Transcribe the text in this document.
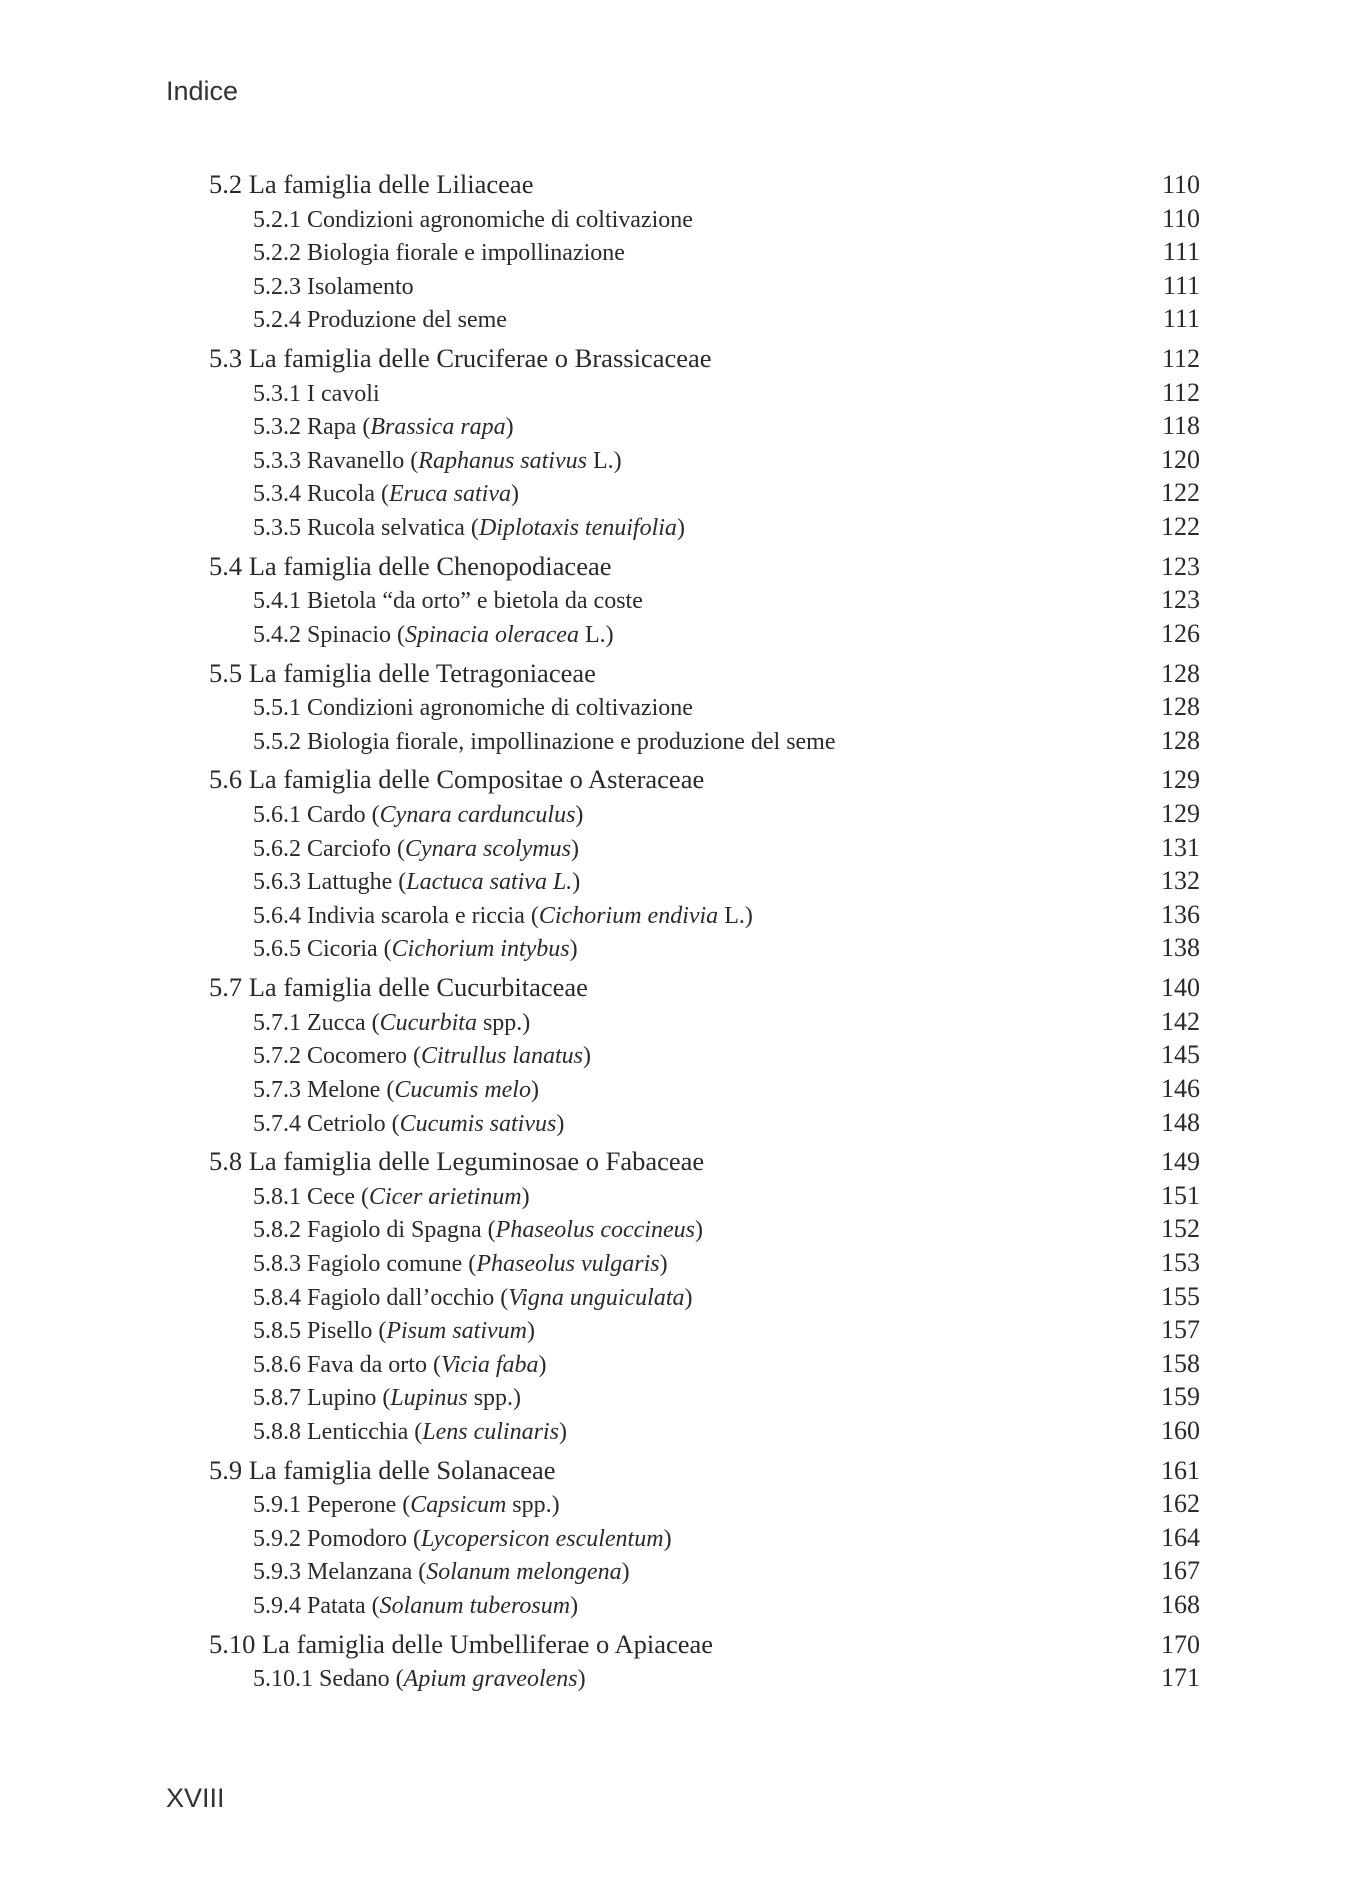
Indice
5.2 La famiglia delle Liliaceae	110
5.2.1 Condizioni agronomiche di coltivazione	110
5.2.2 Biologia fiorale e impollinazione	111
5.2.3 Isolamento	111
5.2.4 Produzione del seme	111
5.3 La famiglia delle Cruciferae o Brassicaceae	112
5.3.1 I cavoli	112
5.3.2 Rapa (Brassica rapa)	118
5.3.3 Ravanello (Raphanus sativus L.)	120
5.3.4 Rucola (Eruca sativa)	122
5.3.5 Rucola selvatica (Diplotaxis tenuifolia)	122
5.4 La famiglia delle Chenopodiaceae	123
5.4.1 Bietola “da orto” e bietola da coste	123
5.4.2 Spinacio (Spinacia oleracea L.)	126
5.5 La famiglia delle Tetragoniaceae	128
5.5.1 Condizioni agronomiche di coltivazione	128
5.5.2 Biologia fiorale, impollinazione e produzione del seme	128
5.6 La famiglia delle Compositae o Asteraceae	129
5.6.1 Cardo (Cynara cardunculus)	129
5.6.2 Carciofo (Cynara scolymus)	131
5.6.3 Lattughe (Lactuca sativa L.)	132
5.6.4 Indivia scarola e riccia (Cichorium endivia L.)	136
5.6.5 Cicoria (Cichorium intybus)	138
5.7 La famiglia delle Cucurbitaceae	140
5.7.1 Zucca (Cucurbita spp.)	142
5.7.2 Cocomero (Citrullus lanatus)	145
5.7.3 Melone (Cucumis melo)	146
5.7.4 Cetriolo (Cucumis sativus)	148
5.8 La famiglia delle Leguminosae o Fabaceae	149
5.8.1 Cece (Cicer arietinum)	151
5.8.2 Fagiolo di Spagna (Phaseolus coccineus)	152
5.8.3 Fagiolo comune (Phaseolus vulgaris)	153
5.8.4 Fagiolo dall’occhio (Vigna unguiculata)	155
5.8.5 Pisello (Pisum sativum)	157
5.8.6 Fava da orto (Vicia faba)	158
5.8.7 Lupino (Lupinus spp.)	159
5.8.8 Lenticchia (Lens culinaris)	160
5.9 La famiglia delle Solanaceae	161
5.9.1 Peperone (Capsicum spp.)	162
5.9.2 Pomodoro (Lycopersicon esculentum)	164
5.9.3 Melanzana (Solanum melongena)	167
5.9.4 Patata (Solanum tuberosum)	168
5.10 La famiglia delle Umbelliferae o Apiaceae	170
5.10.1 Sedano (Apium graveolens)	171
XVIII
